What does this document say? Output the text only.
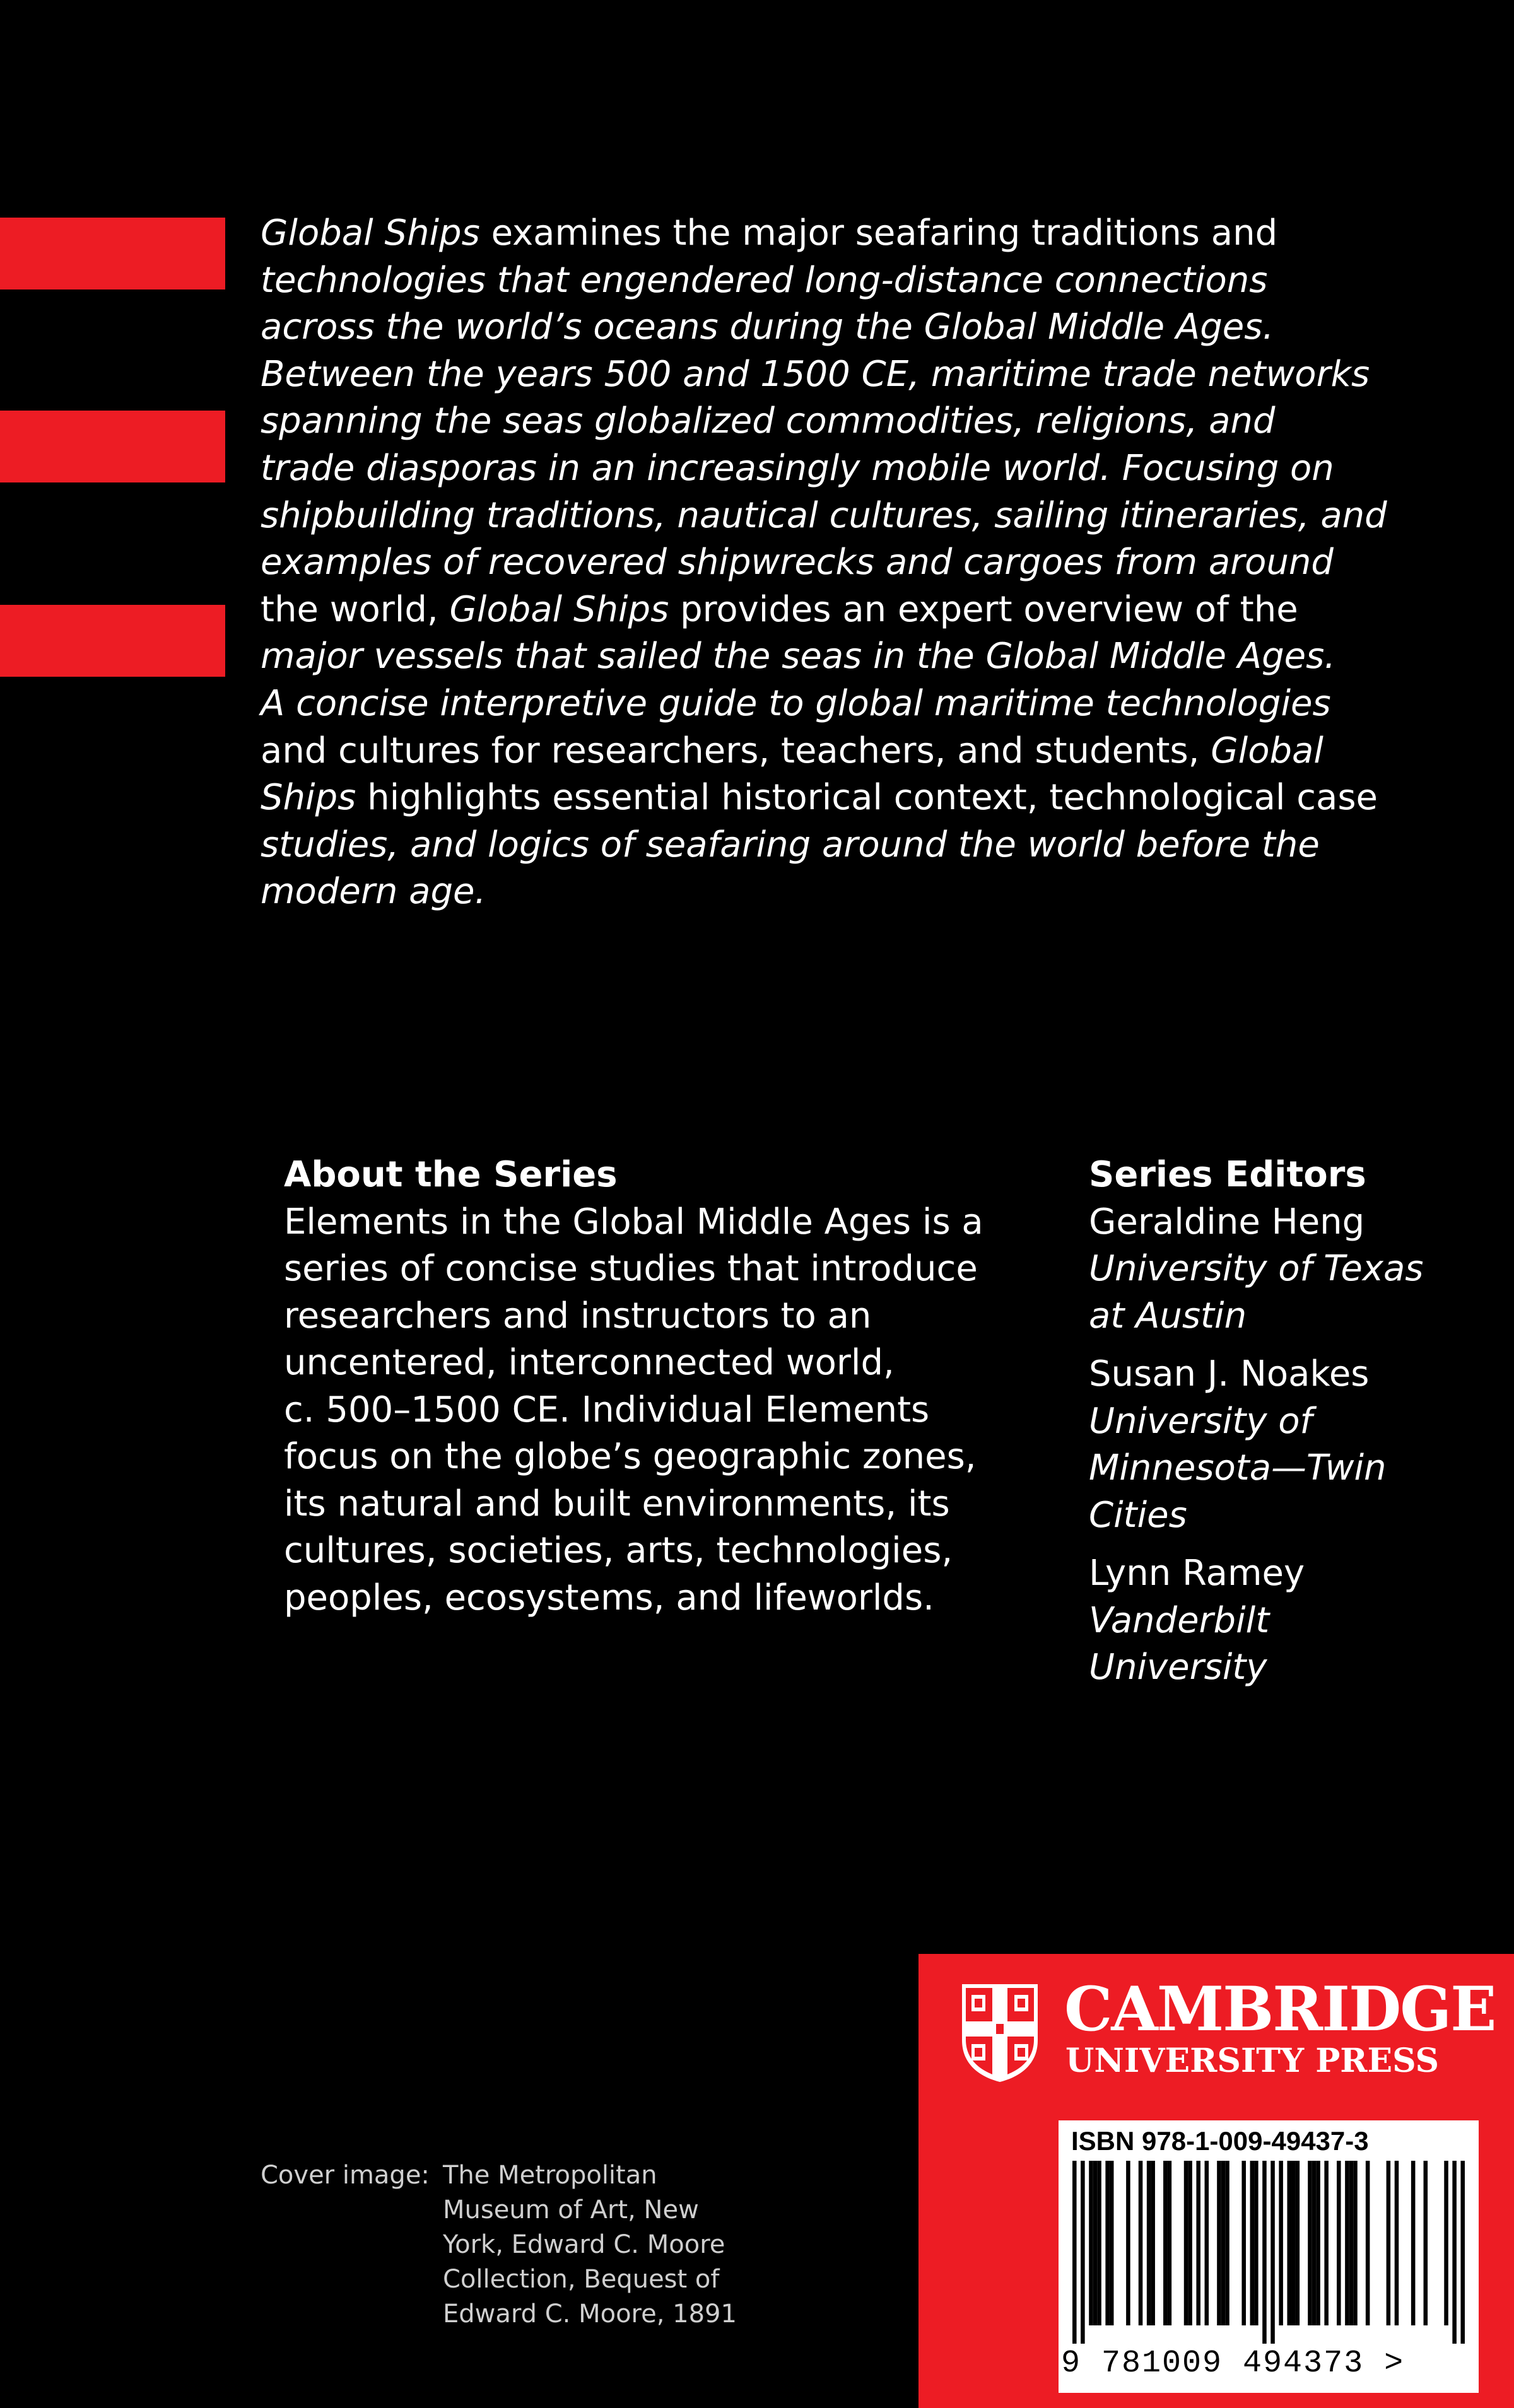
Global Ships examines the major seafaring traditions and
technologies that engendered long-distance connections
across the world’s oceans during the Global Middle Ages.
Between the years 500 and 1500 CE, maritime trade networks
spanning the seas globalized commodities, religions, and
trade diasporas in an increasingly mobile world. Focusing on
shipbuilding traditions, nautical cultures, sailing itineraries, and
examples of recovered shipwrecks and cargoes from around
the world, Global Ships provides an expert overview of the
major vessels that sailed the seas in the Global Middle Ages.
A concise interpretive guide to global maritime technologies
and cultures for researchers, teachers, and students, Global
Ships highlights essential historical context, technological case
studies, and logics of seafaring around the world before the
modern age.
About the Series
Elements in the Global Middle Ages is a
series of concise studies that introduce
researchers and instructors to an
uncentered, interconnected world,
c. 500–1500 CE. Individual Elements
focus on the globe’s geographic zones,
its natural and built environments, its
cultures, societies, arts, technologies,
peoples, ecosystems, and lifeworlds.
Series Editors
Geraldine Heng
University of Texas
at Austin
Susan J. Noakes
University of
Minnesota—Twin
Cities
Lynn Ramey
Vanderbilt
University
Cover image: The Metropolitan
Museum of Art, New
York, Edward C. Moore
Collection, Bequest of
Edward C. Moore, 1891
CAMBRIDGE
UNIVERSITY PRESS
ISBN 978-1-009-49437-3
9 781009 494373 >
